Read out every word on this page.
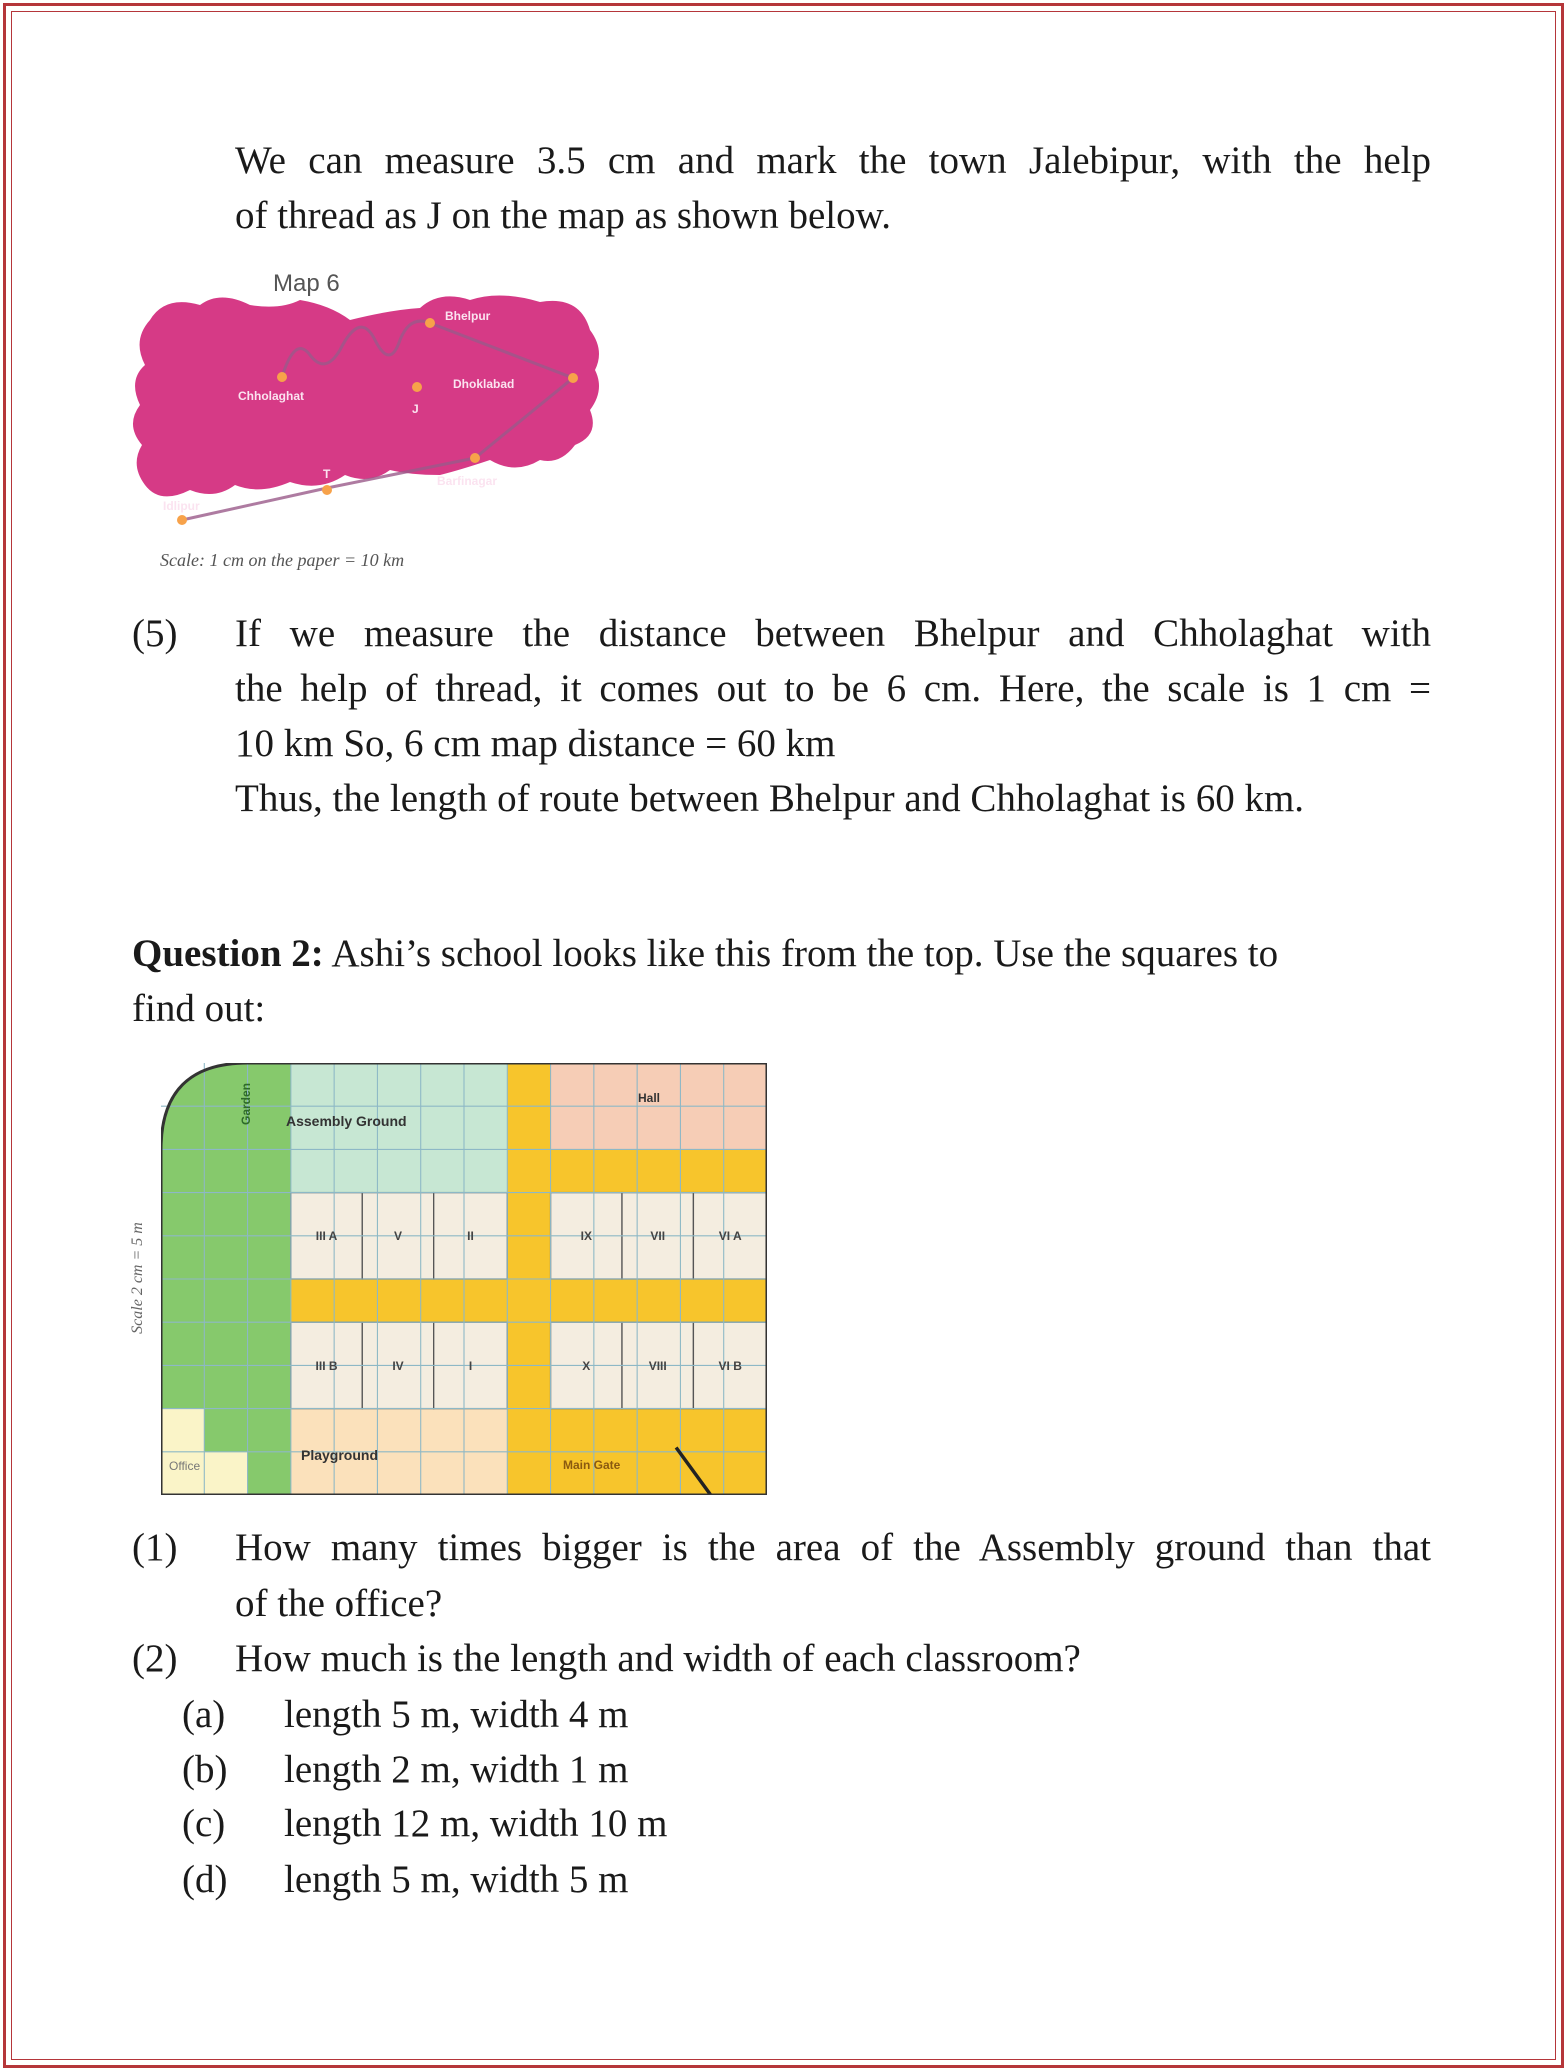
We can measure 3.5 cm and mark the town Jalebipur, with the help
of thread as J on the map as shown below.
Map 6
Bhelpur
Chholaghat
J
Dhoklabad
Barfinagar
T
Idlipur
Scale: 1 cm on the paper = 10 km
(5) If we measure the distance between Bhelpur and Chholaghat with
the help of thread, it comes out to be 6 cm. Here, the scale is 1 cm =
10 km So, 6 cm map distance = 60 km
Thus, the length of route between Bhelpur and Chholaghat is 60 km.
Question 2: Ashi’s school looks like this from the top. Use the squares to
find out:
Scale 2 cm = 5 m
Assembly Ground
Garden	Hall
Playground
Office	Main Gate
III A
III B
V
IV
II
I
IX
X
VII
VIII
VI A
VI B
(1) How many times bigger is the area of the Assembly ground than that
of the office?
(2) How much is the length and width of each classroom?
(a) length 5 m, width 4 m
(b) length 2 m, width 1 m
(c) length 12 m, width 10 m
(d) length 5 m, width 5 m
